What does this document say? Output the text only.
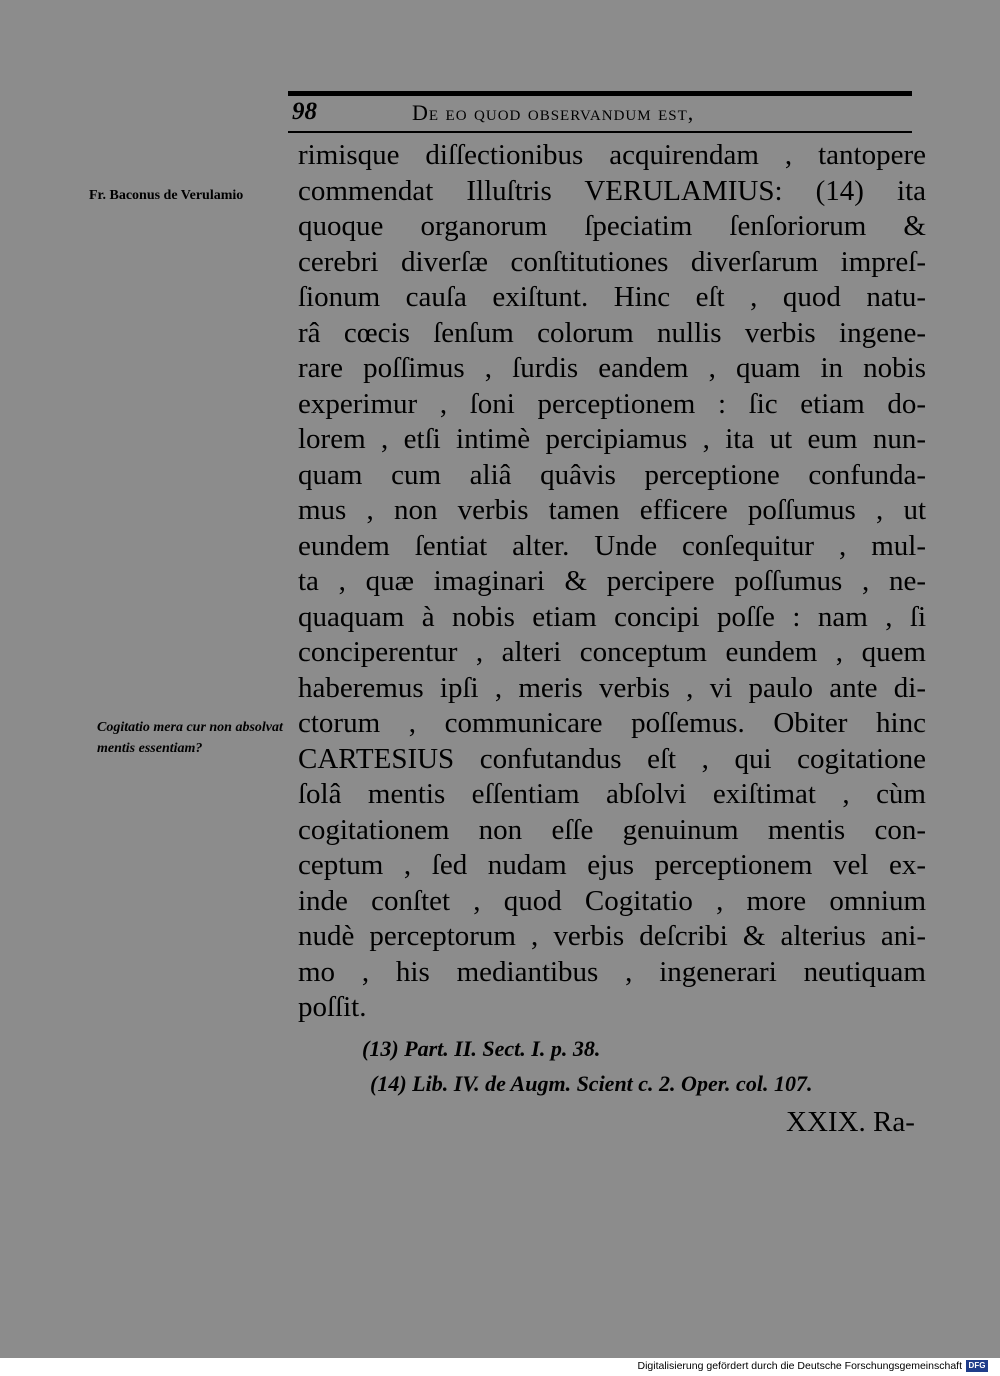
98	De eo quod observandum est,
Fr. Baconus de Verulamio
Cogitatio mera cur non absolvat mentis essentiam?
rimisque diſſectionibus acquirendam , tantopere
commendat Illuſtris VERULAMIUS: (14) ita
quoque organorum ſpeciatim ſenſoriorum &
cerebri diverſæ conſtitutiones diverſarum impreſ-
ſionum cauſa exiſtunt. Hinc eſt , quod natu-
râ cœcis ſenſum colorum nullis verbis ingene-
rare poſſimus , ſurdis eandem , quam in nobis
experimur , ſoni perceptionem : ſic etiam do-
lorem , etſi intimè percipiamus , ita ut eum nun-
quam cum aliâ quâvis perceptione confunda-
mus , non verbis tamen efficere poſſumus , ut
eundem ſentiat alter. Unde conſequitur , mul-
ta , quæ imaginari & percipere poſſumus , ne-
quaquam à nobis etiam concipi poſſe : nam , ſi
conciperentur , alteri conceptum eundem , quem
haberemus ipſi , meris verbis , vi paulo ante di-
ctorum , communicare poſſemus. Obiter hinc
CARTESIUS confutandus eſt , qui cogitatione
ſolâ mentis eſſentiam abſolvi exiſtimat , cùm
cogitationem non eſſe genuinum mentis con-
ceptum , ſed nudam ejus perceptionem vel ex-
inde conſtet , quod Cogitatio , more omnium
nudè perceptorum , verbis deſcribi & alterius ani-
mo , his mediantibus , ingenerari neutiquam
poſſit.
(13) Part. II. Sect. I. p. 38.
(14) Lib. IV. de Augm. Scient c. 2. Oper. col. 107.
XXIX. Ra-
Digitalisierung gefördert durch die Deutsche Forschungsgemeinschaft DFG
